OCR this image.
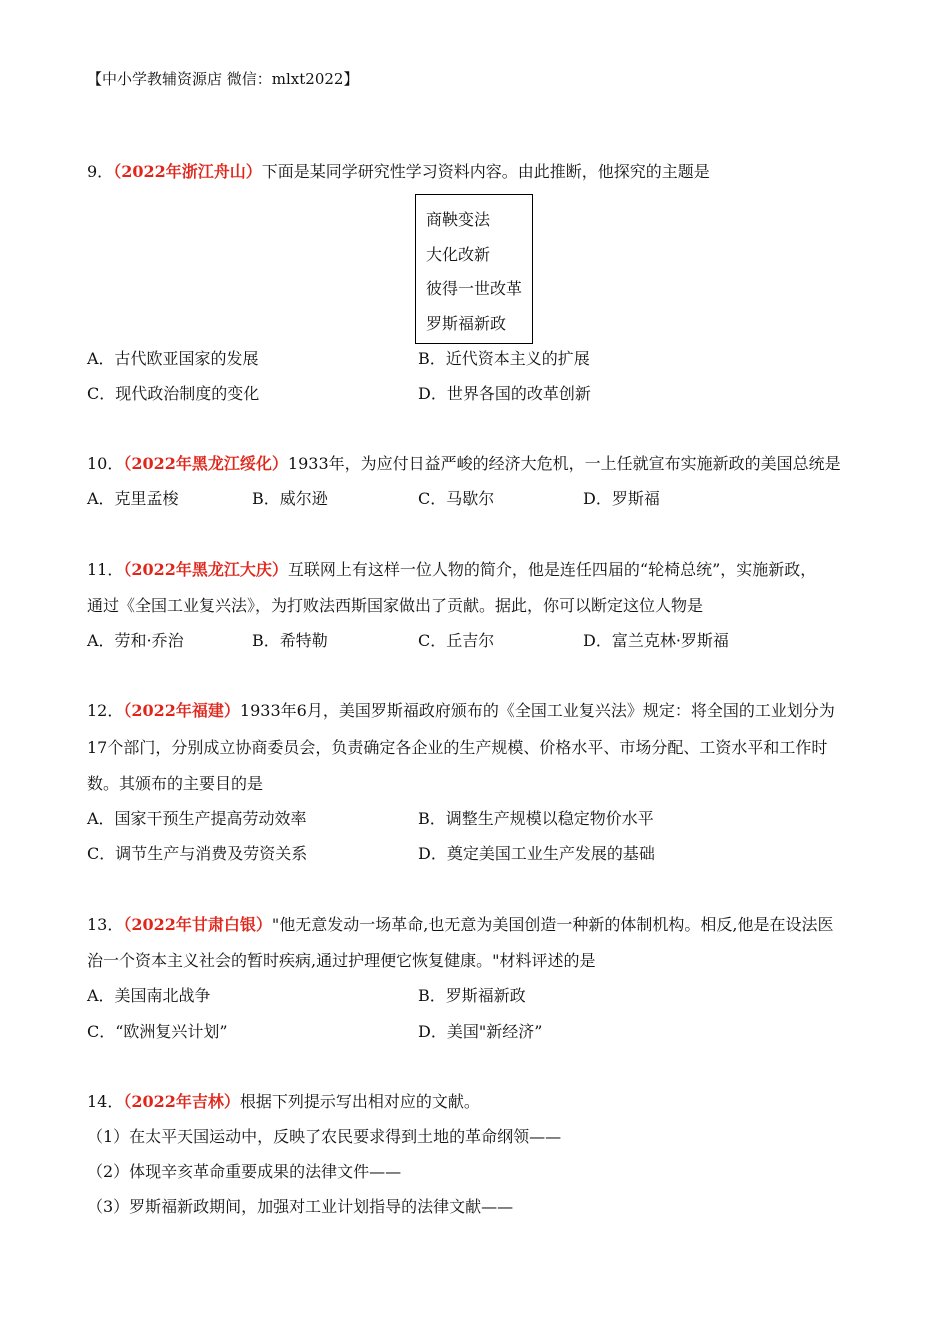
【中小学教辅资源店 微信：mlxt2022】
9．（2022年浙江舟山）下面是某同学研究性学习资料内容。由此推断，他探究的主题是
商鞅变法
大化改新
彼得一世改革
罗斯福新政
A．古代欧亚国家的发展	B．近代资本主义的扩展
C．现代政治制度的变化	D．世界各国的改革创新
10．（2022年黑龙江绥化）1933年，为应付日益严峻的经济大危机，一上任就宣布实施新政的美国总统是
A．克里孟梭	B．威尔逊	C．马歇尔	D．罗斯福
11．（2022年黑龙江大庆）互联网上有这样一位人物的简介，他是连任四届的“轮椅总统”，实施新政，
通过《全国工业复兴法》，为打败法西斯国家做出了贡献。据此，你可以断定这位人物是
A．劳和·乔治	B．希特勒	C．丘吉尔	D．富兰克林·罗斯福
12．（2022年福建）1933年6月，美国罗斯福政府颁布的《全国工业复兴法》规定：将全国的工业划分为
17个部门，分别成立协商委员会，负责确定各企业的生产规模、价格水平、市场分配、工资水平和工作时
数。其颁布的主要目的是
A．国家干预生产提高劳动效率	B．调整生产规模以稳定物价水平
C．调节生产与消费及劳资关系	D．奠定美国工业生产发展的基础
13．（2022年甘肃白银）"他无意发动一场革命,也无意为美国创造一种新的体制机构。相反,他是在设法医
治一个资本主义社会的暂时疾病,通过护理便它恢复健康。"材料评述的是
A．美国南北战争	B．罗斯福新政
C．“欧洲复兴计划”	D．美国"新经济”
14．（2022年吉林）根据下列提示写出相对应的文献。
（1）在太平天国运动中，反映了农民要求得到土地的革命纲领——
（2）体现辛亥革命重要成果的法律文件——
（3）罗斯福新政期间，加强对工业计划指导的法律文献——
